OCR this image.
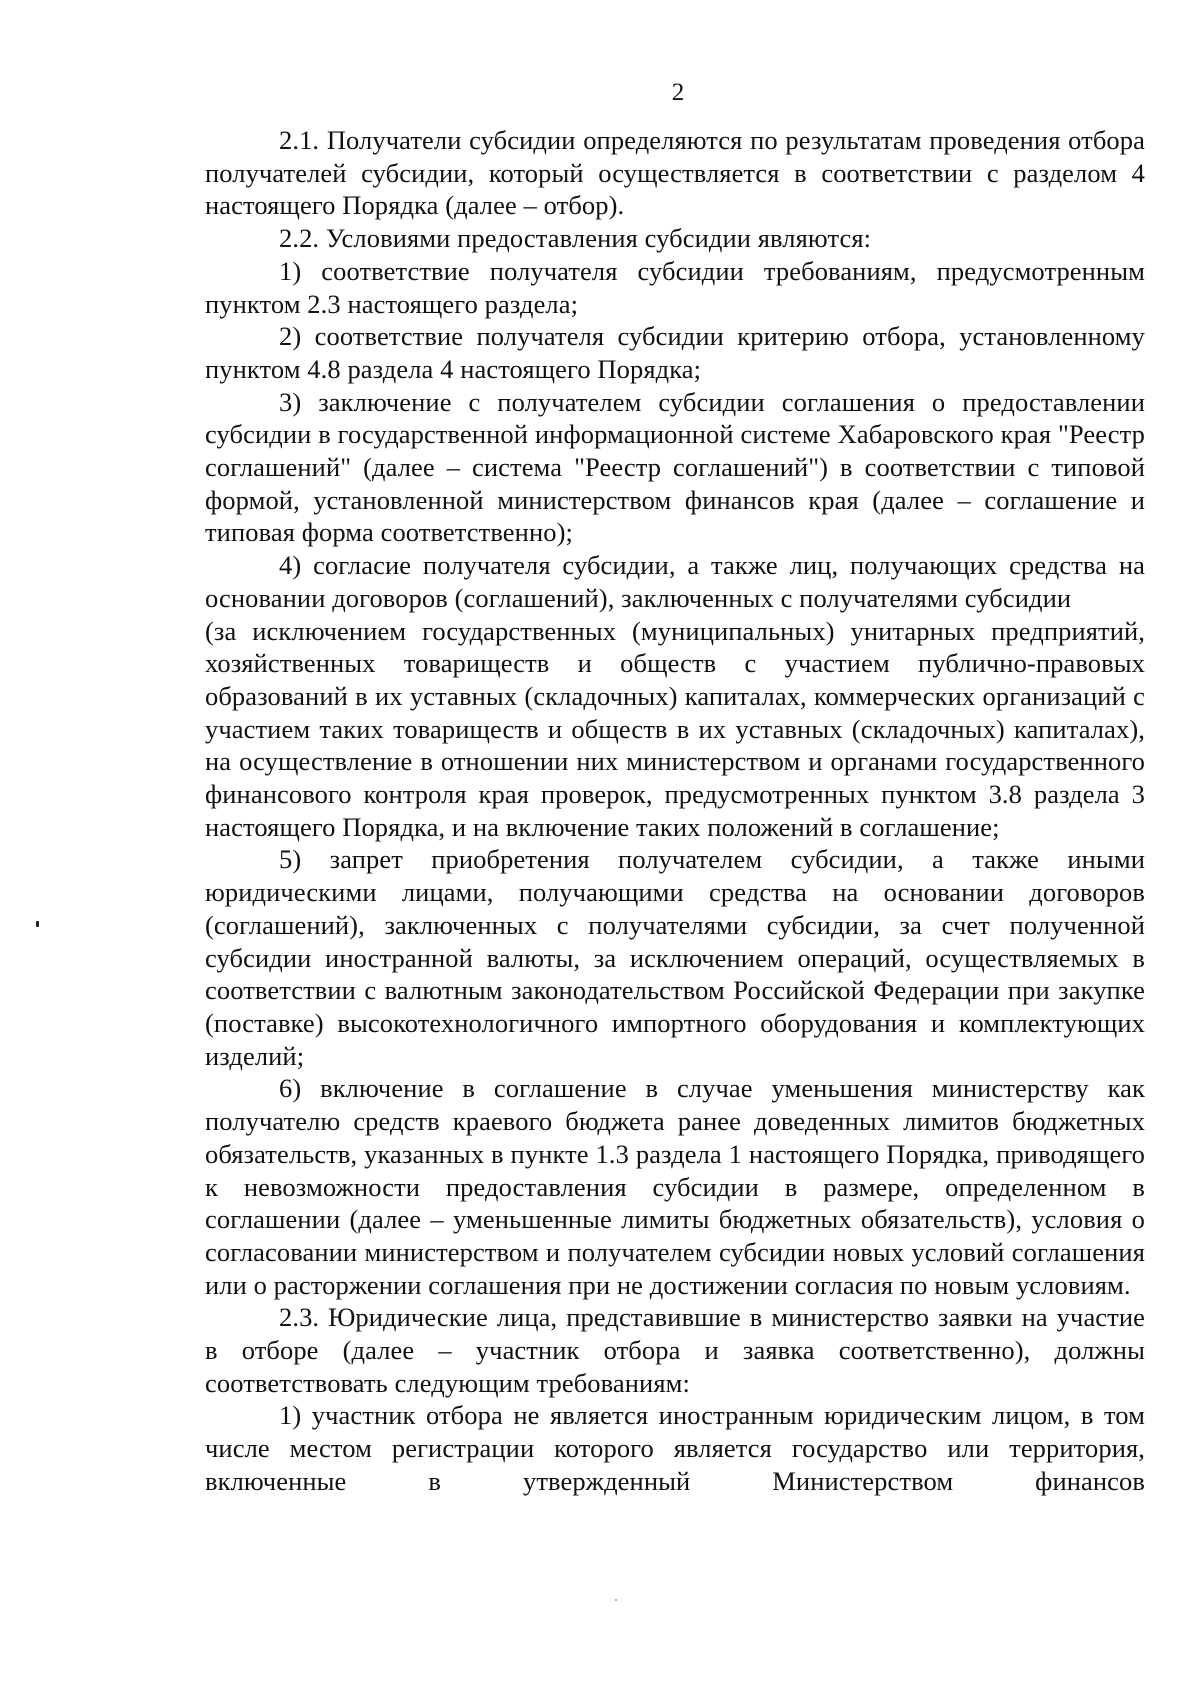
2

2.1. Получатели субсидии определяются по результатам проведения отбора получателей субсидии, который осуществляется в соответствии с разделом 4 настоящего Порядка (далее – отбор).

2.2. Условиями предоставления субсидии являются:

1) соответствие получателя субсидии требованиям, предусмотренным пунктом 2.3 настоящего раздела;

2) соответствие получателя субсидии критерию отбора, установленному пунктом 4.8 раздела 4 настоящего Порядка;

3) заключение с получателем субсидии соглашения о предоставлении субсидии в государственной информационной системе Хабаровского края "Реестр соглашений" (далее – система "Реестр соглашений") в соответствии с типовой формой, установленной министерством финансов края (далее – соглашение и типовая форма соответственно);

4) согласие получателя субсидии, а также лиц, получающих средства на основании договоров (соглашений), заключенных с получателями субсидии

(за исключением государственных (муниципальных) унитарных предприятий, хозяйственных товариществ и обществ с участием публично-правовых образований в их уставных (складочных) капиталах, коммерческих организаций с участием таких товариществ и обществ в их уставных (складочных) капиталах), на осуществление в отношении них министерством и органами государственного финансового контроля края проверок, предусмотренных пунктом 3.8 раздела 3 настоящего Порядка, и на включение таких положений в соглашение;

5) запрет приобретения получателем субсидии, а также иными юридическими лицами, получающими средства на основании договоров (соглашений), заключенных с получателями субсидии, за счет полученной субсидии иностранной валюты, за исключением операций, осуществляемых в соответствии с валютным законодательством Российской Федерации при закупке (поставке) высокотехнологичного импортного оборудования и комплектующих изделий;

6) включение в соглашение в случае уменьшения министерству как получателю средств краевого бюджета ранее доведенных лимитов бюджетных обязательств, указанных в пункте 1.3 раздела 1 настоящего Порядка, приводящего к невозможности предоставления субсидии в размере, определенном в соглашении (далее – уменьшенные лимиты бюджетных обязательств), условия о согласовании министерством и получателем субсидии новых условий соглашения или о расторжении соглашения при не достижении согласия по новым условиям.

2.3. Юридические лица, представившие в министерство заявки на участие в отборе (далее – участник отбора и заявка соответственно), должны соответствовать следующим требованиям:

1) участник отбора не является иностранным юридическим лицом, в том числе местом регистрации которого является государство или территория, включенные в утвержденный Министерством финансов
